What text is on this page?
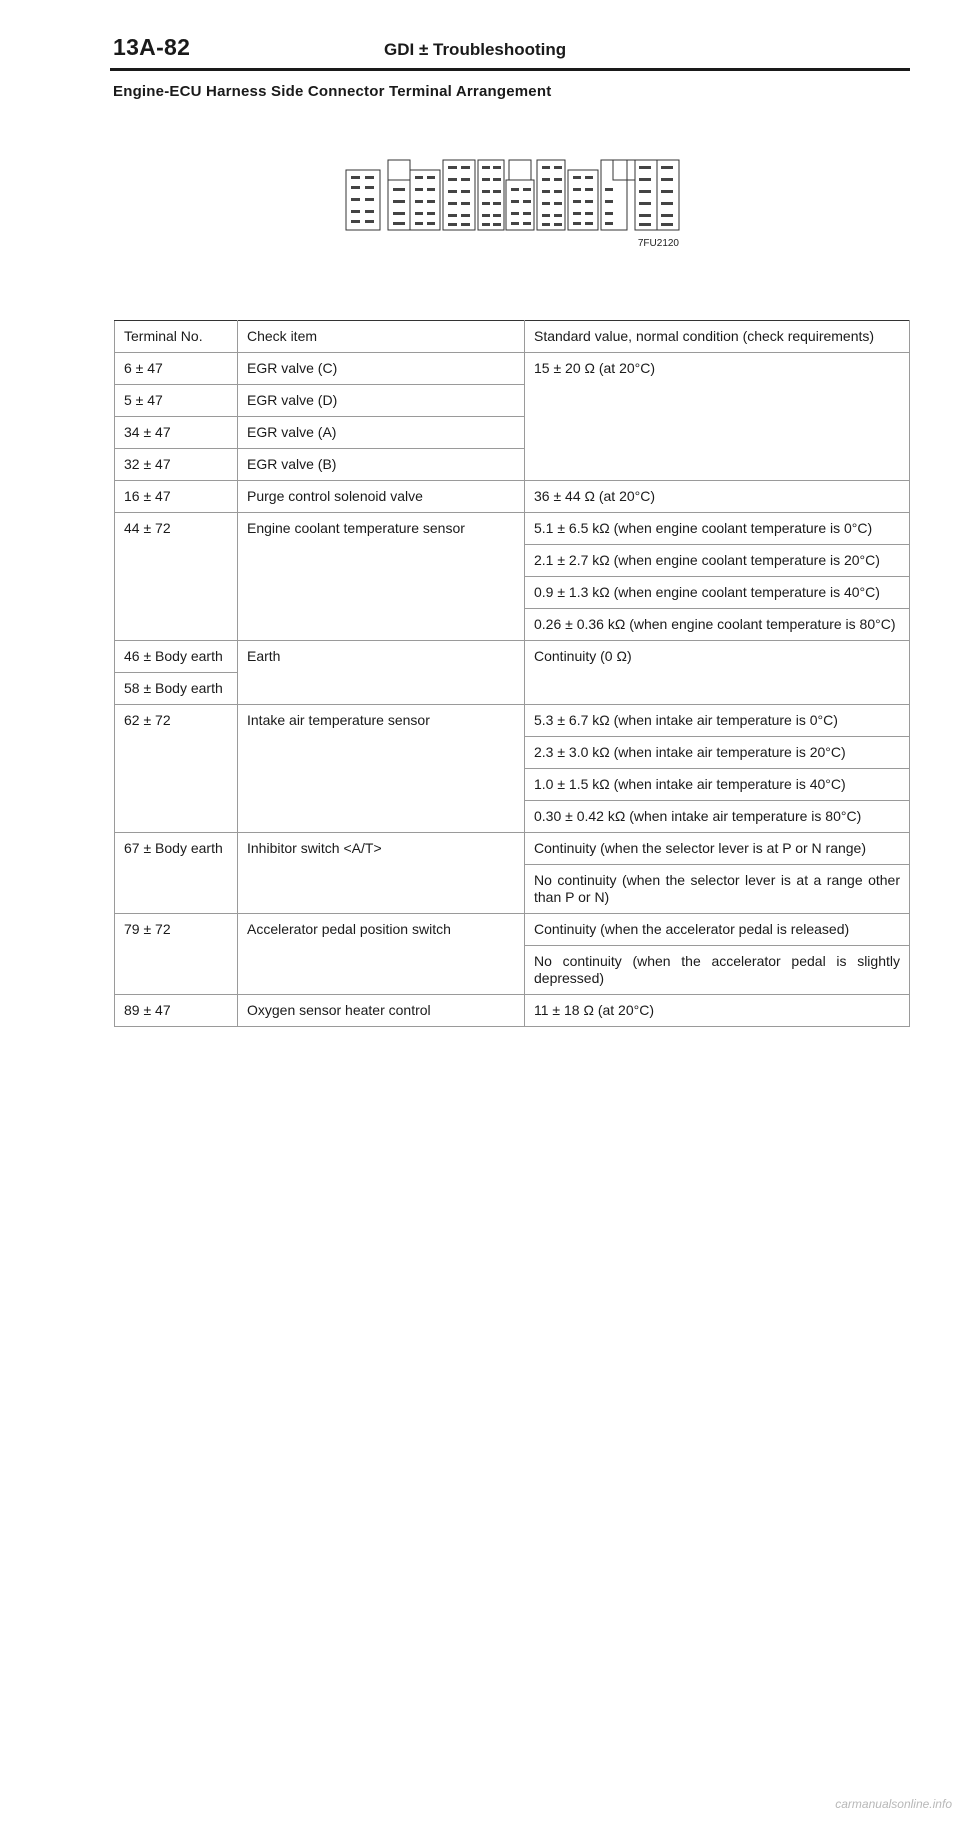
13A-82	GDI ± Troubleshooting
Engine-ECU Harness Side Connector Terminal Arrangement
7FU2120
Terminal No.	Check item	Standard value, normal condition (check requirements)
6 ± 47	EGR valve (C)	15 ± 20 Ω (at 20°C)
5 ± 47	EGR valve (D)	
34 ± 47	EGR valve (A)	
32 ± 47	EGR valve (B)	
16 ± 47	Purge control solenoid valve	36 ± 44 Ω (at 20°C)
44 ± 72	Engine coolant temperature sensor	5.1 ± 6.5 kΩ (when engine coolant temperature is 0°C)
		2.1 ± 2.7 kΩ (when engine coolant temperature is 20°C)
		0.9 ± 1.3 kΩ (when engine coolant temperature is 40°C)
		0.26 ± 0.36 kΩ (when engine coolant temperature is 80°C)
46 ± Body earth	Earth	Continuity (0 Ω)
58 ± Body earth		
62 ± 72	Intake air temperature sensor	5.3 ± 6.7 kΩ (when intake air temperature is 0°C)
		2.3 ± 3.0 kΩ (when intake air temperature is 20°C)
		1.0 ± 1.5 kΩ (when intake air temperature is 40°C)
		0.30 ± 0.42 kΩ (when intake air temperature is 80°C)
67 ± Body earth	Inhibitor switch <A/T>	Continuity (when the selector lever is at P or N range)
		No continuity (when the selector lever is at a range other than P or N)
79 ± 72	Accelerator pedal position switch	Continuity (when the accelerator pedal is released)
		No continuity (when the accelerator pedal is slightly depressed)
89 ± 47	Oxygen sensor heater control	11 ± 18 Ω (at 20°C)
carmanualsonline.info
